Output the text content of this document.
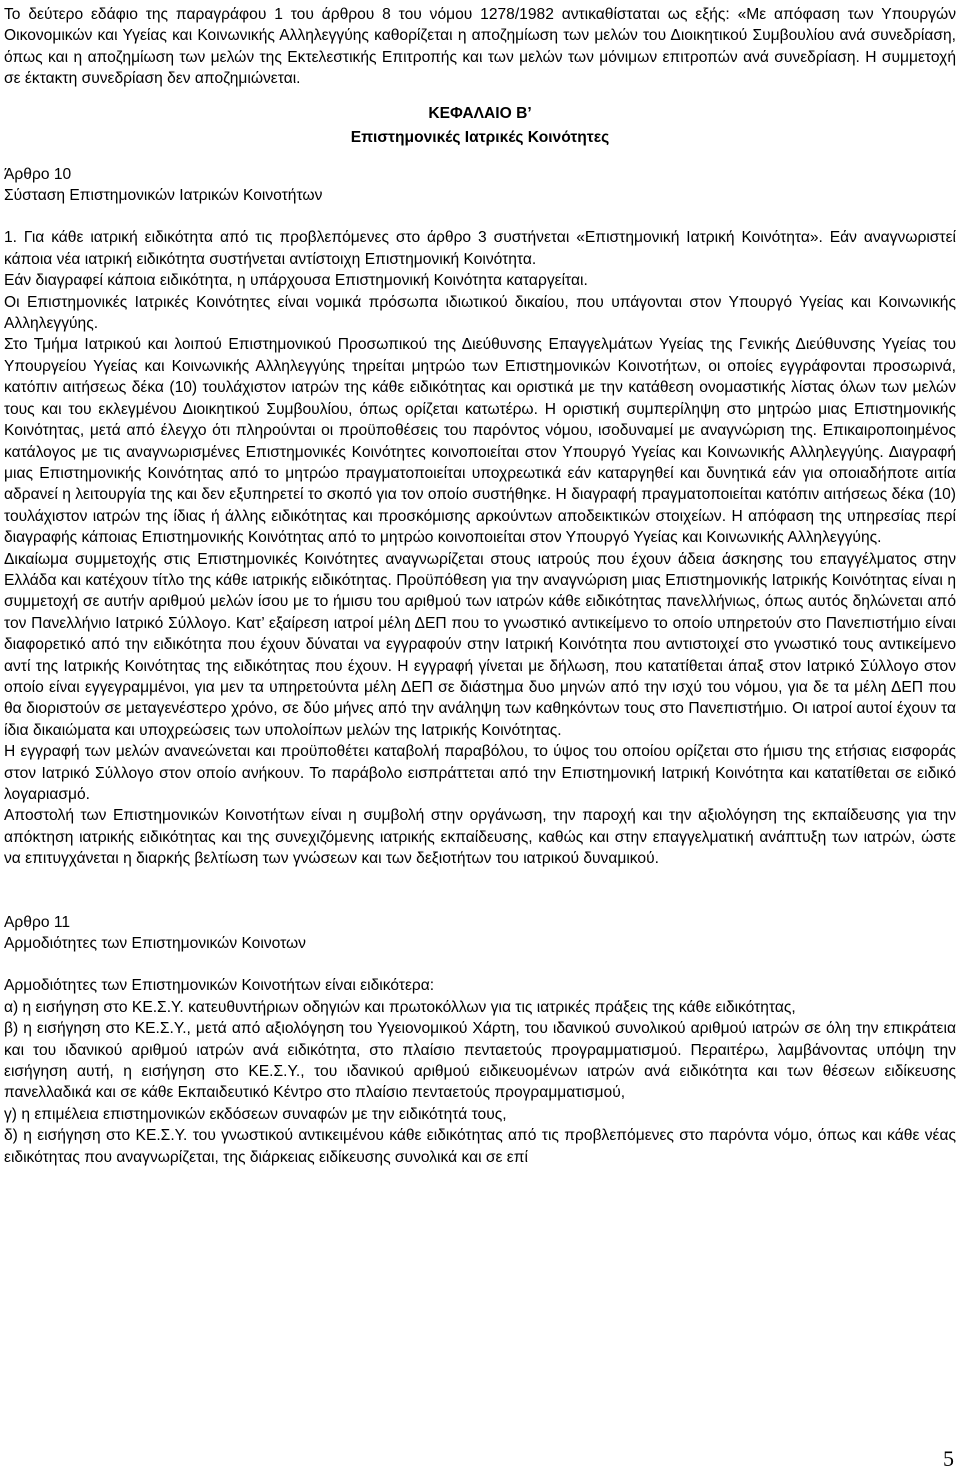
Το δεύτερο εδάφιο της παραγράφου 1 του άρθρου 8 του νόμου 1278/1982 αντικαθίσταται ως εξής: «Με απόφαση των Υπουργών Οικονομικών και Υγείας και Κοινωνικής Αλληλεγγύης καθορίζεται η αποζημίωση των μελών του Διοικητικού Συμβουλίου ανά συνεδρίαση, όπως και η αποζημίωση των μελών της Εκτελεστικής Επιτροπής και των μελών των μόνιμων επιτροπών ανά συνεδρίαση. Η συμμετοχή σε έκτακτη συνεδρίαση δεν αποζημιώνεται.

ΚΕΦΑΛΑΙΟ Β’

Επιστημονικές Ιατρικές Κοινότητες

Άρθρο 10

Σύσταση Επιστημονικών Ιατρικών Κοινοτήτων

1. Για κάθε ιατρική ειδικότητα από τις προβλεπόμενες στο άρθρο 3 συστήνεται «Επιστημονική Ιατρική Κοινότητα». Εάν αναγνωριστεί κάποια νέα ιατρική ειδικότητα συστήνεται αντίστοιχη Επιστημονική Κοινότητα.

Εάν διαγραφεί κάποια ειδικότητα, η υπάρχουσα Επιστημονική Κοινότητα καταργείται.

Οι Επιστημονικές Ιατρικές Κοινότητες είναι νομικά πρόσωπα ιδιωτικού δικαίου, που υπάγονται στον Υπουργό Υγείας και Κοινωνικής Αλληλεγγύης.

Στο Τμήμα Ιατρικού και λοιπού Επιστημονικού Προσωπικού της Διεύθυνσης Επαγγελμάτων Υγείας της Γενικής Διεύθυνσης Υγείας του Υπουργείου Υγείας και Κοινωνικής Αλληλεγγύης τηρείται μητρώο των Επιστημονικών Κοινοτήτων, οι οποίες εγγράφονται προσωρινά, κατόπιν αιτήσεως δέκα (10) τουλάχιστον ιατρών της κάθε ειδικότητας και οριστικά με την κατάθεση ονομαστικής λίστας όλων των μελών τους και του εκλεγμένου Διοικητικού Συμβουλίου, όπως ορίζεται κατωτέρω. Η οριστική συμπερίληψη στο μητρώο μιας Επιστημονικής Κοινότητας, μετά από έλεγχο ότι πληρούνται οι προϋποθέσεις του παρόντος νόμου, ισοδυναμεί με αναγνώριση της. Επικαιροποιημένος κατάλογος με τις αναγνωρισμένες Επιστημονικές Κοινότητες κοινοποιείται στον Υπουργό Υγείας και Κοινωνικής Αλληλεγγύης. Διαγραφή μιας Επιστημονικής Κοινότητας από το μητρώο πραγματοποιείται υποχρεωτικά εάν καταργηθεί και δυνητικά εάν για οποιαδήποτε αιτία αδρανεί η λειτουργία της και δεν εξυπηρετεί το σκοπό για τον οποίο συστήθηκε. Η διαγραφή πραγματοποιείται κατόπιν αιτήσεως δέκα (10) τουλάχιστον ιατρών της ίδιας ή άλλης ειδικότητας και προσκόμισης αρκούντων αποδεικτικών στοιχείων. Η απόφαση της υπηρεσίας περί διαγραφής κάποιας Επιστημονικής Κοινότητας από το μητρώο κοινοποιείται στον Υπουργό Υγείας και Κοινωνικής Αλληλεγγύης.

Δικαίωμα συμμετοχής στις Επιστημονικές Κοινότητες αναγνωρίζεται στους ιατρούς που έχουν άδεια άσκησης του επαγγέλματος στην Ελλάδα και κατέχουν τίτλο της κάθε ιατρικής ειδικότητας. Προϋπόθεση για την αναγνώριση μιας Επιστημονικής Ιατρικής Κοινότητας είναι η συμμετοχή σε αυτήν αριθμού μελών ίσου με το ήμισυ του αριθμού των ιατρών κάθε ειδικότητας πανελλήνιως, όπως αυτός δηλώνεται από τον Πανελλήνιο Ιατρικό Σύλλογο. Κατ’ εξαίρεση ιατροί μέλη ΔΕΠ που το γνωστικό αντικείμενο το οποίο υπηρετούν στο Πανεπιστήμιο είναι διαφορετικό από την ειδικότητα που έχουν δύναται να εγγραφούν στην Ιατρική Κοινότητα που αντιστοιχεί στο γνωστικό τους αντικείμενο αντί της Ιατρικής Κοινότητας της ειδικότητας που έχουν. Η εγγραφή γίνεται με δήλωση, που κατατίθεται άπαξ στον Ιατρικό Σύλλογο στον οποίο είναι εγγεγραμμένοι, για μεν τα υπηρετούντα μέλη ΔΕΠ σε διάστημα δυο μηνών από την ισχύ του νόμου, για δε τα μέλη ΔΕΠ που θα διοριστούν σε μεταγενέστερο χρόνο, σε δύο μήνες από την ανάληψη των καθηκόντων τους στο Πανεπιστήμιο. Οι ιατροί αυτοί έχουν τα ίδια δικαιώματα και υποχρεώσεις των υπολοίπων μελών της Ιατρικής Κοινότητας.

Η εγγραφή των μελών ανανεώνεται και προϋποθέτει καταβολή παραβόλου, το ύψος του οποίου ορίζεται στο ήμισυ της ετήσιας εισφοράς στον Ιατρικό Σύλλογο στον οποίο ανήκουν. Το παράβολο εισπράττεται από την Επιστημονική Ιατρική Κοινότητα και κατατίθεται σε ειδικό λογαριασμό.

Αποστολή των Επιστημονικών Κοινοτήτων είναι η συμβολή στην οργάνωση, την παροχή και την αξιολόγηση της εκπαίδευσης για την απόκτηση ιατρικής ειδικότητας και της συνεχιζόμενης ιατρικής εκπαίδευσης, καθώς και στην επαγγελματική ανάπτυξη των ιατρών, ώστε να επιτυγχάνεται η διαρκής βελτίωση των γνώσεων και των δεξιοτήτων του ιατρικού δυναμικού.

Αρθρο 11

Αρμοδιότητες των Επιστημονικών Κοινοτων

Αρμοδιότητες των Επιστημονικών Κοινοτήτων είναι ειδικότερα:

α) η εισήγηση στο ΚΕ.Σ.Υ. κατευθυντήριων οδηγιών και πρωτοκόλλων για τις ιατρικές πράξεις της κάθε ειδικότητας,

β) η εισήγηση στο ΚΕ.Σ.Υ., μετά από αξιολόγηση του Υγειονομικού Χάρτη, του ιδανικού συνολικού αριθμού ιατρών σε όλη την επικράτεια και του ιδανικού αριθμού ιατρών ανά ειδικότητα, στο πλαίσιο πενταετούς προγραμματισμού. Περαιτέρω, λαμβάνοντας υπόψη την εισήγηση αυτή, η εισήγηση στο ΚΕ.Σ.Υ., του ιδανικού αριθμού ειδικευομένων ιατρών ανά ειδικότητα και των θέσεων ειδίκευσης πανελλαδικά και σε κάθε Εκπαιδευτικό Κέντρο στο πλαίσιο πενταετούς προγραμματισμού,

γ) η επιμέλεια επιστημονικών εκδόσεων συναφών με την ειδικότητά τους,

δ) η εισήγηση στο ΚΕ.Σ.Υ. του γνωστικού αντικειμένου κάθε ειδικότητας από τις προβλεπόμενες στο παρόντα νόμο, όπως και κάθε νέας ειδικότητας που αναγνωρίζεται, της διάρκειας ειδίκευσης συνολικά και σε επί

5
